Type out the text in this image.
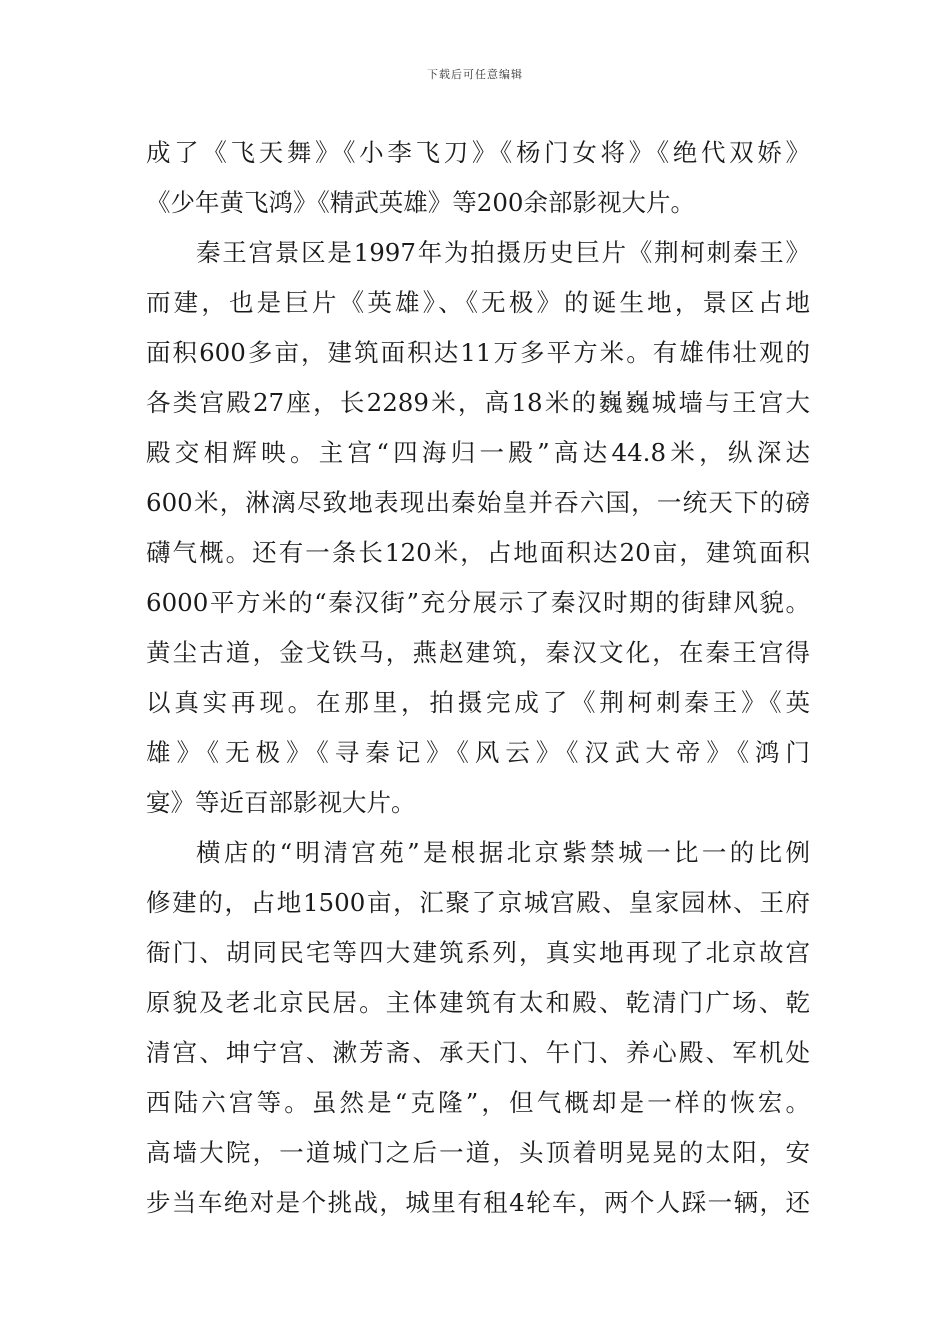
下载后可任意编辑
成了《飞天舞》《小李飞刀》《杨门女将》《绝代双娇》
《少年黄飞鸿》《精武英雄》等200余部影视大片。
秦王宫景区是1997年为拍摄历史巨片《荆柯刺秦王》
而建，也是巨片《英雄》、《无极》的诞生地，景区占地
面积600多亩，建筑面积达11万多平方米。有雄伟壮观的
各类宫殿27座，长2289米，高18米的巍巍城墙与王宫大
殿交相辉映。主宫“四海归一殿”高达44.8米，纵深达
600米，淋漓尽致地表现出秦始皇并吞六国，一统天下的磅
礴气概。还有一条长120米，占地面积达20亩，建筑面积
6000平方米的“秦汉街”充分展示了秦汉时期的街肆风貌。
黄尘古道，金戈铁马，燕赵建筑，秦汉文化，在秦王宫得
以真实再现。在那里，拍摄完成了《荆柯刺秦王》《英
雄》《无极》《寻秦记》《风云》《汉武大帝》《鸿门
宴》等近百部影视大片。
横店的“明清宫苑”是根据北京紫禁城一比一的比例
修建的，占地1500亩，汇聚了京城宫殿、皇家园林、王府
衙门、胡同民宅等四大建筑系列，真实地再现了北京故宫
原貌及老北京民居。主体建筑有太和殿、乾清门广场、乾
清宫、坤宁宫、漱芳斋、承天门、午门、养心殿、军机处
西陆六宫等。虽然是“克隆”，但气概却是一样的恢宏。
高墙大院，一道城门之后一道，头顶着明晃晃的太阳，安
步当车绝对是个挑战，城里有租4轮车，两个人踩一辆，还
